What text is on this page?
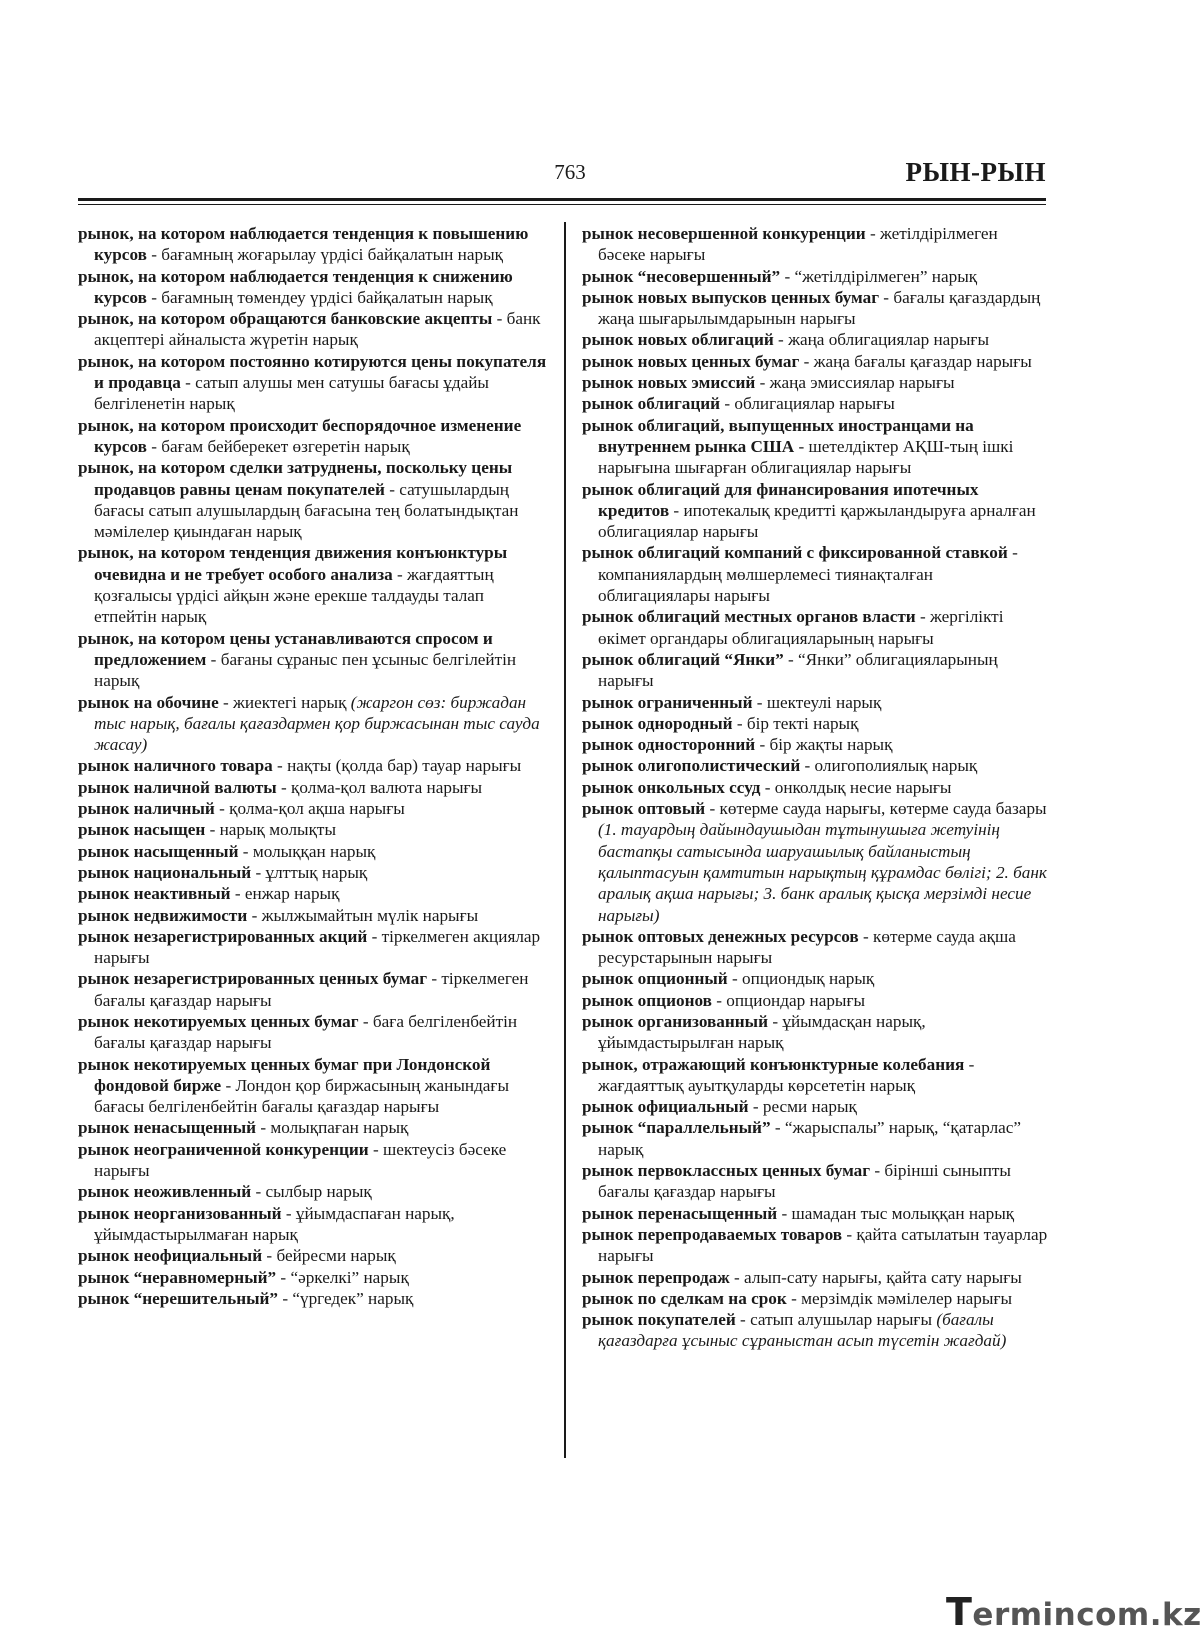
763	РЫН-РЫН
рынок, на котором наблюдается тенденция к повышению курсов - бағамның жоғарылау үрдісі байқалатын нарық
рынок, на котором наблюдается тенденция к снижению курсов - бағамның төмендеу үрдісі байқалатын нарық
рынок, на котором обращаются банковские акцепты - банк акцептері айналыста жүретін нарық
рынок, на котором постоянно котируются цены покупателя и продавца - сатып алушы мен сатушы бағасы ұдайы белгіленетін нарық
рынок, на котором происходит беспорядочное изменение курсов - бағам бейберекет өзгеретін нарық
рынок, на котором сделки затруднены, поскольку цены продавцов равны ценам покупателей - сатушылардың бағасы сатып алушылардың бағасына тең болатындықтан мәмілелер қиындаған нарық
рынок, на котором тенденция движения конъюнктуры очевидна и не требует особого анализа - жағдаяттың қозғалысы үрдісі айқын және ерекше талдауды талап етпейтін нарық
рынок, на котором цены устанавливаются спросом и предложением - бағаны сұраныс пен ұсыныс белгілейтін нарық
рынок на обочине - жиектегі нарық (жаргон сөз: биржадан тыс нарық, бағалы қағаздармен қор биржасынан тыс сауда жасау)
рынок наличного товара - нақты (қолда бар) тауар нарығы
рынок наличной валюты - қолма-қол валюта нарығы
рынок наличный - қолма-қол ақша нарығы
рынок насыщен - нарық молықты
рынок насыщенный - молыққан нарық
рынок национальный - ұлттық нарық
рынок неактивный - енжар нарық
рынок недвижимости - жылжымайтын мүлік нарығы
рынок незарегистрированных акций - тіркелмеген акциялар нарығы
рынок незарегистрированных ценных бумаг - тіркелмеген бағалы қағаздар нарығы
рынок некотируемых ценных бумаг - баға белгіленбейтін бағалы қағаздар нарығы
рынок некотируемых ценных бумаг при Лондонской фондовой бирже - Лондон қор биржасының жанындағы бағасы белгіленбейтін бағалы қағаздар нарығы
рынок ненасыщенный - молықпаған нарық
рынок неограниченной конкуренции - шектеусіз бәсеке нарығы
рынок неоживленный - сылбыр нарық
рынок неорганизованный - ұйымдаспаған нарық, ұйымдастырылмаған нарық
рынок неофициальный - бейресми нарық
рынок “неравномерный” - “әркелкі” нарық
рынок “нерешительный” - “үргедек” нарық
рынок несовершенной конкуренции - жетілдірілмеген бәсеке нарығы
рынок “несовершенный” - “жетілдірілмеген” нарық
рынок новых выпусков ценных бумаг - бағалы қағаздардың жаңа шығарылымдарынын нарығы
рынок новых облигаций - жаңа облигациялар нарығы
рынок новых ценных бумаг - жаңа бағалы қағаздар нарығы
рынок новых эмиссий - жаңа эмиссиялар нарығы
рынок облигаций - облигациялар нарығы
рынок облигаций, выпущенных иностранцами на внутреннем рынка США - шетелдіктер АҚШ-тың ішкі нарығына шығарған облигациялар нарығы
рынок облигаций для финансирования ипотечных кредитов - ипотекалық кредитті қаржыландыруға арналған облигациялар нарығы
рынок облигаций компаний с фиксированной ставкой - компаниялардың мөлшерлемесі тиянақталған облигациялары нарығы
рынок облигаций местных органов власти - жергілікті өкімет органдары облигацияларының нарығы
рынок облигаций “Янки” - “Янки” облигацияларының нарығы
рынок ограниченный - шектеулі нарық
рынок однородный - бір текті нарық
рынок односторонний - бір жақты нарық
рынок олигополистический - олигополиялық нарық
рынок онкольных ссуд - онколдық несие нарығы
рынок оптовый - көтерме сауда нарығы, көтерме сауда базары (1. тауардың дайындаушыдан тұтынушыға жетуінің бастапқы сатысында шаруашылық байланыстың қалыптасуын қамтитын нарықтың құрамдас бөлігі; 2. банк аралық ақша нарығы; 3. банк аралық қысқа мерзімді несие нарығы)
рынок оптовых денежных ресурсов - көтерме сауда ақша ресурстарынын нарығы
рынок опционный - опциондық нарық
рынок опционов - опциондар нарығы
рынок организованный - ұйымдасқан нарық, ұйымдастырылған нарық
рынок, отражающий конъюнктурные колебания - жағдаяттық ауытқуларды көрсететін нарық
рынок официальный - ресми нарық
рынок “параллельный” - “жарыспалы” нарық, “қатарлас” нарық
рынок первоклассных ценных бумаг - бірінші сыныпты бағалы қағаздар нарығы
рынок перенасыщенный - шамадан тыс молыққан нарық
рынок перепродаваемых товаров - қайта сатылатын тауарлар нарығы
рынок перепродаж - алып-сату нарығы, қайта сату нарығы
рынок по сделкам на срок - мерзімдік мәмілелер нарығы
рынок покупателей - сатып алушылар нарығы (бағалы қағаздарға ұсыныс сұраныстан асып түсетін жағдай)
Termincom.kz
